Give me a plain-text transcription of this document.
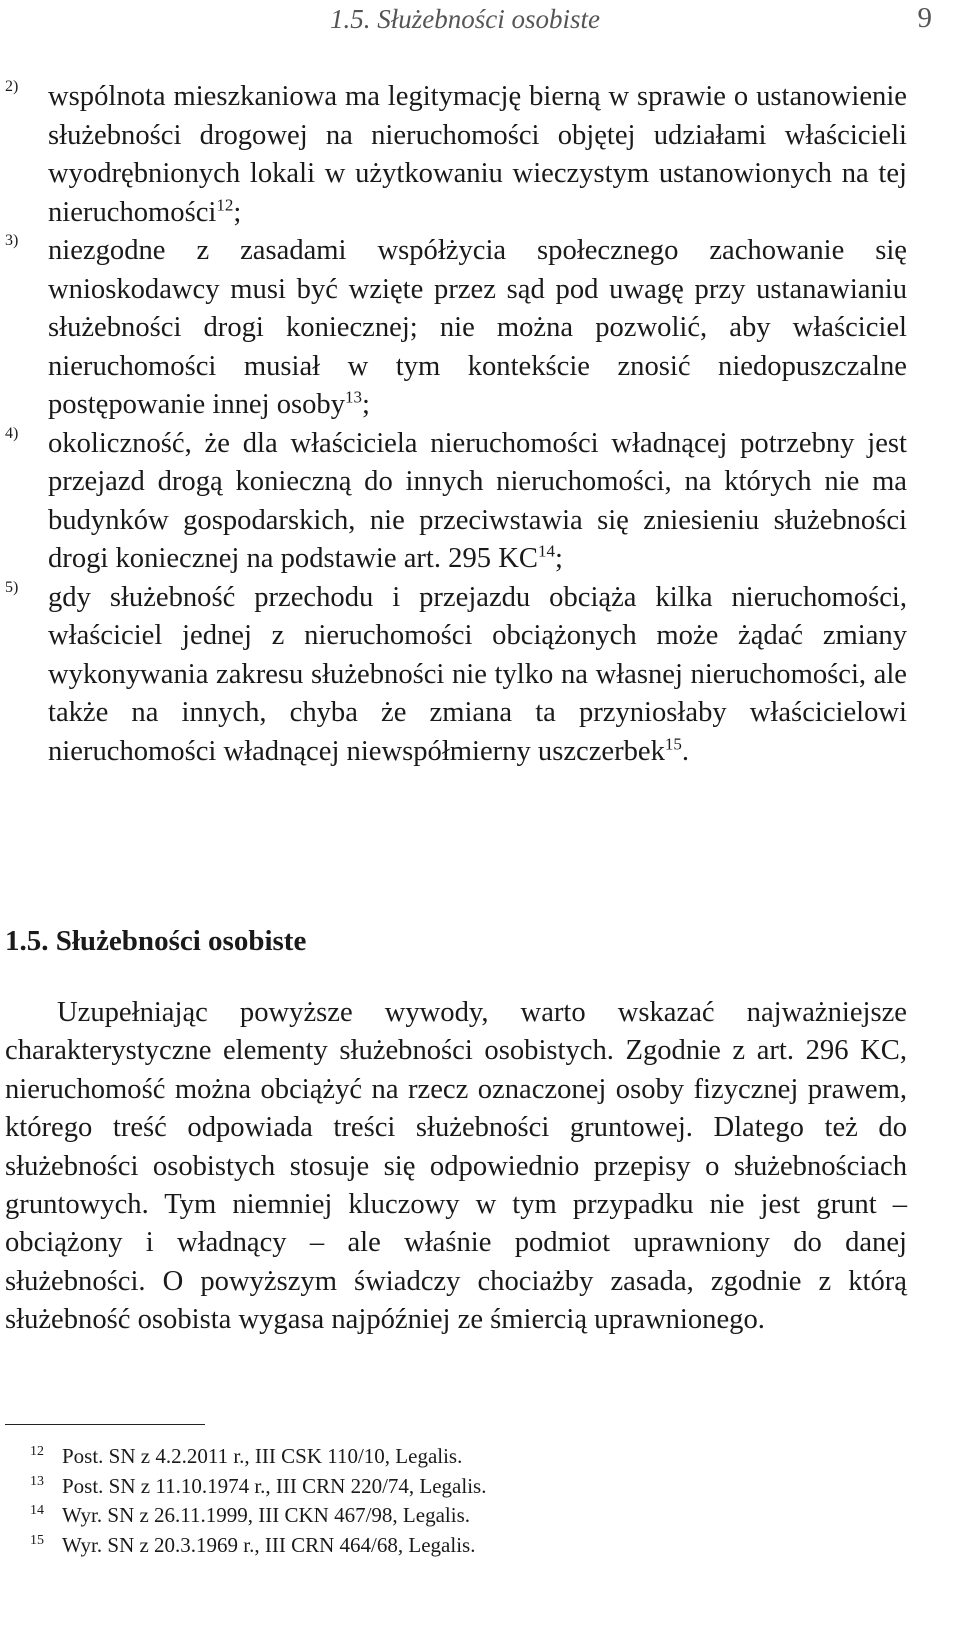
1.5. Służebności osobiste	9
2) wspólnota mieszkaniowa ma legitymację bierną w sprawie o ustanowienie służebności drogowej na nieruchomości objętej udziałami właścicieli wyodrębnionych lokali w użytkowaniu wieczystym ustanowionych na tej nieruchomości$^{12}$;
3) niezgodne z zasadami współżycia społecznego zachowanie się wnioskodawcy musi być wzięte przez sąd pod uwagę przy ustanawianiu służebności drogi koniecznej; nie można pozwolić, aby właściciel nieruchomości musiał w tym kontekście znosić niedopuszczalne postępowanie innej osoby$^{13}$;
4) okoliczność, że dla właściciela nieruchomości władnącej potrzebny jest przejazd drogą konieczną do innych nieruchomości, na których nie ma budynków gospodarskich, nie przeciwstawia się zniesieniu służebności drogi koniecznej na podstawie art. 295 KC$^{14}$;
5) gdy służebność przechodu i przejazdu obciąża kilka nieruchomości, właściciel jednej z nieruchomości obciążonych może żądać zmiany wykonywania zakresu służebności nie tylko na własnej nieruchomości, ale także na innych, chyba że zmiana ta przyniosłaby właścicielowi nieruchomości władnącej niewspółmierny uszczerbek$^{15}$.
1.5. Służebności osobiste

Uzupełniając powyższe wywody, warto wskazać najważniejsze charakterystyczne elementy służebności osobistych. Zgodnie z art. 296 KC, nieruchomość można obciążyć na rzecz oznaczonej osoby fizycznej prawem, którego treść odpowiada treści służebności gruntowej. Dlatego też do służebności osobistych stosuje się odpowiednio przepisy o służebnościach gruntowych. Tym niemniej kluczowy w tym przypadku nie jest grunt – obciążony i władnący – ale właśnie podmiot uprawniony do danej służebności. O powyższym świadczy chociażby zasada, zgodnie z którą służebność osobista wygasa najpóźniej ze śmiercią uprawnionego.

$^{12}$ Post. SN z 4.2.2011 r., III CSK 110/10, Legalis.
$^{13}$ Post. SN z 11.10.1974 r., III CRN 220/74, Legalis.
$^{14}$ Wyr. SN z 26.11.1999, III CKN 467/98, Legalis.
$^{15}$ Wyr. SN z 20.3.1969 r., III CRN 464/68, Legalis.
